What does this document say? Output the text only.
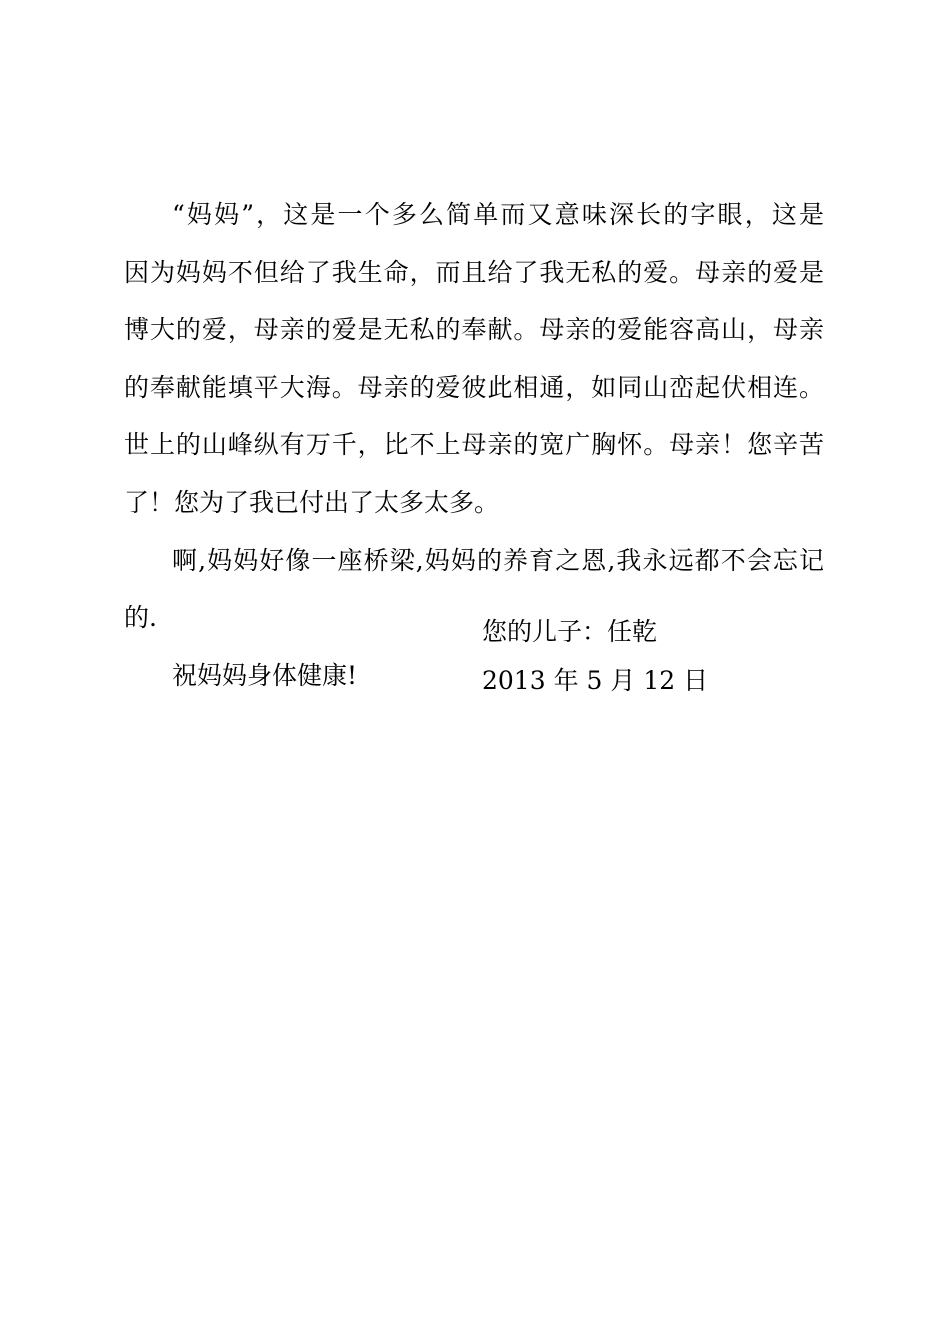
“妈妈”，这是一个多么简单而又意味深长的字眼，这是
因为妈妈不但给了我生命，而且给了我无私的爱。母亲的爱是
博大的爱，母亲的爱是无私的奉献。母亲的爱能容高山，母亲
的奉献能填平大海。母亲的爱彼此相通，如同山峦起伏相连。
世上的山峰纵有万千，比不上母亲的宽广胸怀。母亲！您辛苦
了！您为了我已付出了太多太多。
啊,妈妈好像一座桥梁,妈妈的养育之恩,我永远都不会忘记
的.
祝妈妈身体健康!
您的儿子：任乾
2013 年 5 月 12 日
